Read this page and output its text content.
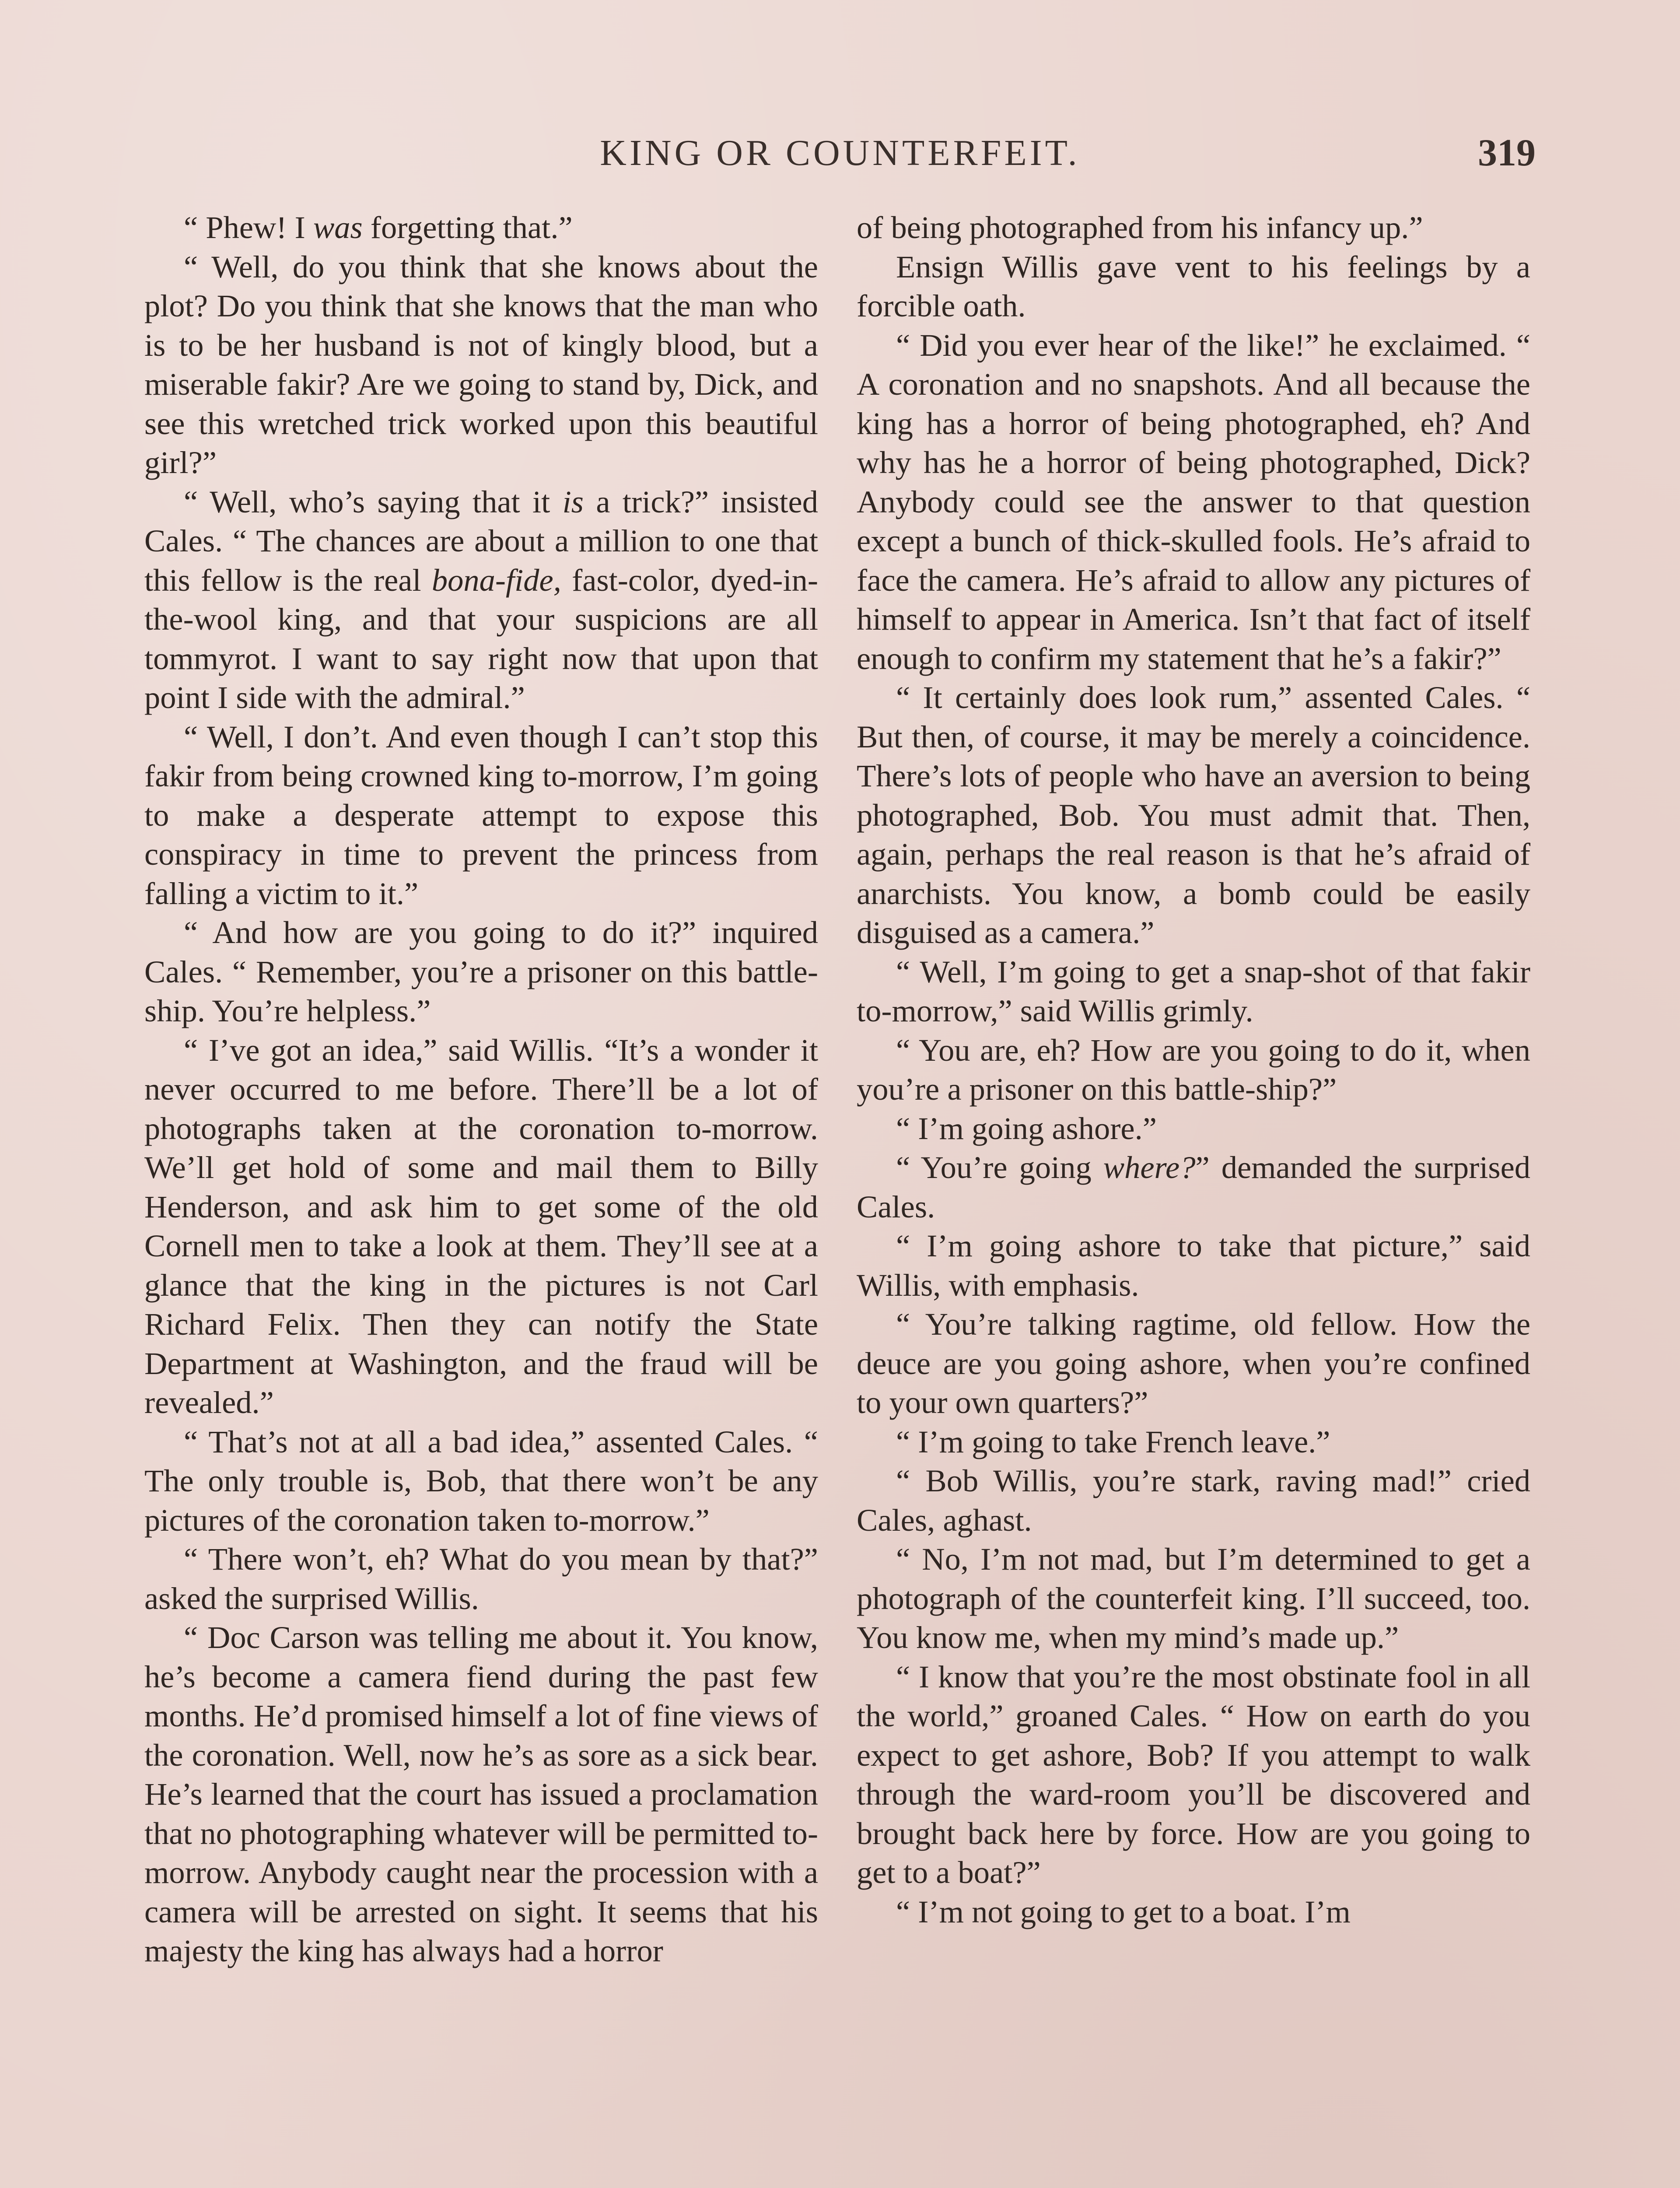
KING OR COUNTERFEIT.	319

“ Phew! I was forgetting that.”

“ Well, do you think that she knows about the plot? Do you think that she knows that the man who is to be her husband is not of kingly blood, but a miserable fakir? Are we going to stand by, Dick, and see this wretched trick worked upon this beautiful girl?”

“ Well, who’s saying that it is a trick?” insisted Cales. “ The chances are about a million to one that this fellow is the real bona-fide, fast-color, dyed-in-the-wool king, and that your suspicions are all tommyrot. I want to say right now that upon that point I side with the admiral.”

“ Well, I don’t. And even though I can’t stop this fakir from being crowned king to-morrow, I’m going to make a desperate attempt to expose this conspiracy in time to prevent the princess from falling a victim to it.”

“ And how are you going to do it?” inquired Cales. “ Remember, you’re a prisoner on this battle-ship. You’re helpless.”

“ I’ve got an idea,” said Willis. “It’s a wonder it never occurred to me before. There’ll be a lot of photographs taken at the coronation to-morrow. We’ll get hold of some and mail them to Billy Henderson, and ask him to get some of the old Cornell men to take a look at them. They’ll see at a glance that the king in the pictures is not Carl Richard Felix. Then they can notify the State Department at Washington, and the fraud will be revealed.”

“ That’s not at all a bad idea,” assented Cales. “ The only trouble is, Bob, that there won’t be any pictures of the coronation taken to-morrow.”

“ There won’t, eh? What do you mean by that?” asked the surprised Willis.

“ Doc Carson was telling me about it. You know, he’s become a camera fiend during the past few months. He’d promised himself a lot of fine views of the coronation. Well, now he’s as sore as a sick bear. He’s learned that the court has issued a proclamation that no photographing whatever will be permitted to-morrow. Anybody caught near the procession with a camera will be arrested on sight. It seems that his majesty the king has always had a horror

of being photographed from his infancy up.”

Ensign Willis gave vent to his feelings by a forcible oath.

“ Did you ever hear of the like!” he exclaimed. “ A coronation and no snapshots. And all because the king has a horror of being photographed, eh? And why has he a horror of being photographed, Dick? Anybody could see the answer to that question except a bunch of thick-skulled fools. He’s afraid to face the camera. He’s afraid to allow any pictures of himself to appear in America. Isn’t that fact of itself enough to confirm my statement that he’s a fakir?”

“ It certainly does look rum,” assented Cales. “ But then, of course, it may be merely a coincidence. There’s lots of people who have an aversion to being photographed, Bob. You must admit that. Then, again, perhaps the real reason is that he’s afraid of anarchists. You know, a bomb could be easily disguised as a camera.”

“ Well, I’m going to get a snap-shot of that fakir to-morrow,” said Willis grimly.

“ You are, eh? How are you going to do it, when you’re a prisoner on this battle-ship?”

“ I’m going ashore.”

“ You’re going where?” demanded the surprised Cales.

“ I’m going ashore to take that picture,” said Willis, with emphasis.

“ You’re talking ragtime, old fellow. How the deuce are you going ashore, when you’re confined to your own quarters?”

“ I’m going to take French leave.”

“ Bob Willis, you’re stark, raving mad!” cried Cales, aghast.

“ No, I’m not mad, but I’m determined to get a photograph of the counterfeit king. I’ll succeed, too. You know me, when my mind’s made up.”

“ I know that you’re the most obstinate fool in all the world,” groaned Cales. “ How on earth do you expect to get ashore, Bob? If you attempt to walk through the ward-room you’ll be discovered and brought back here by force. How are you going to get to a boat?”

“ I’m not going to get to a boat. I’m
